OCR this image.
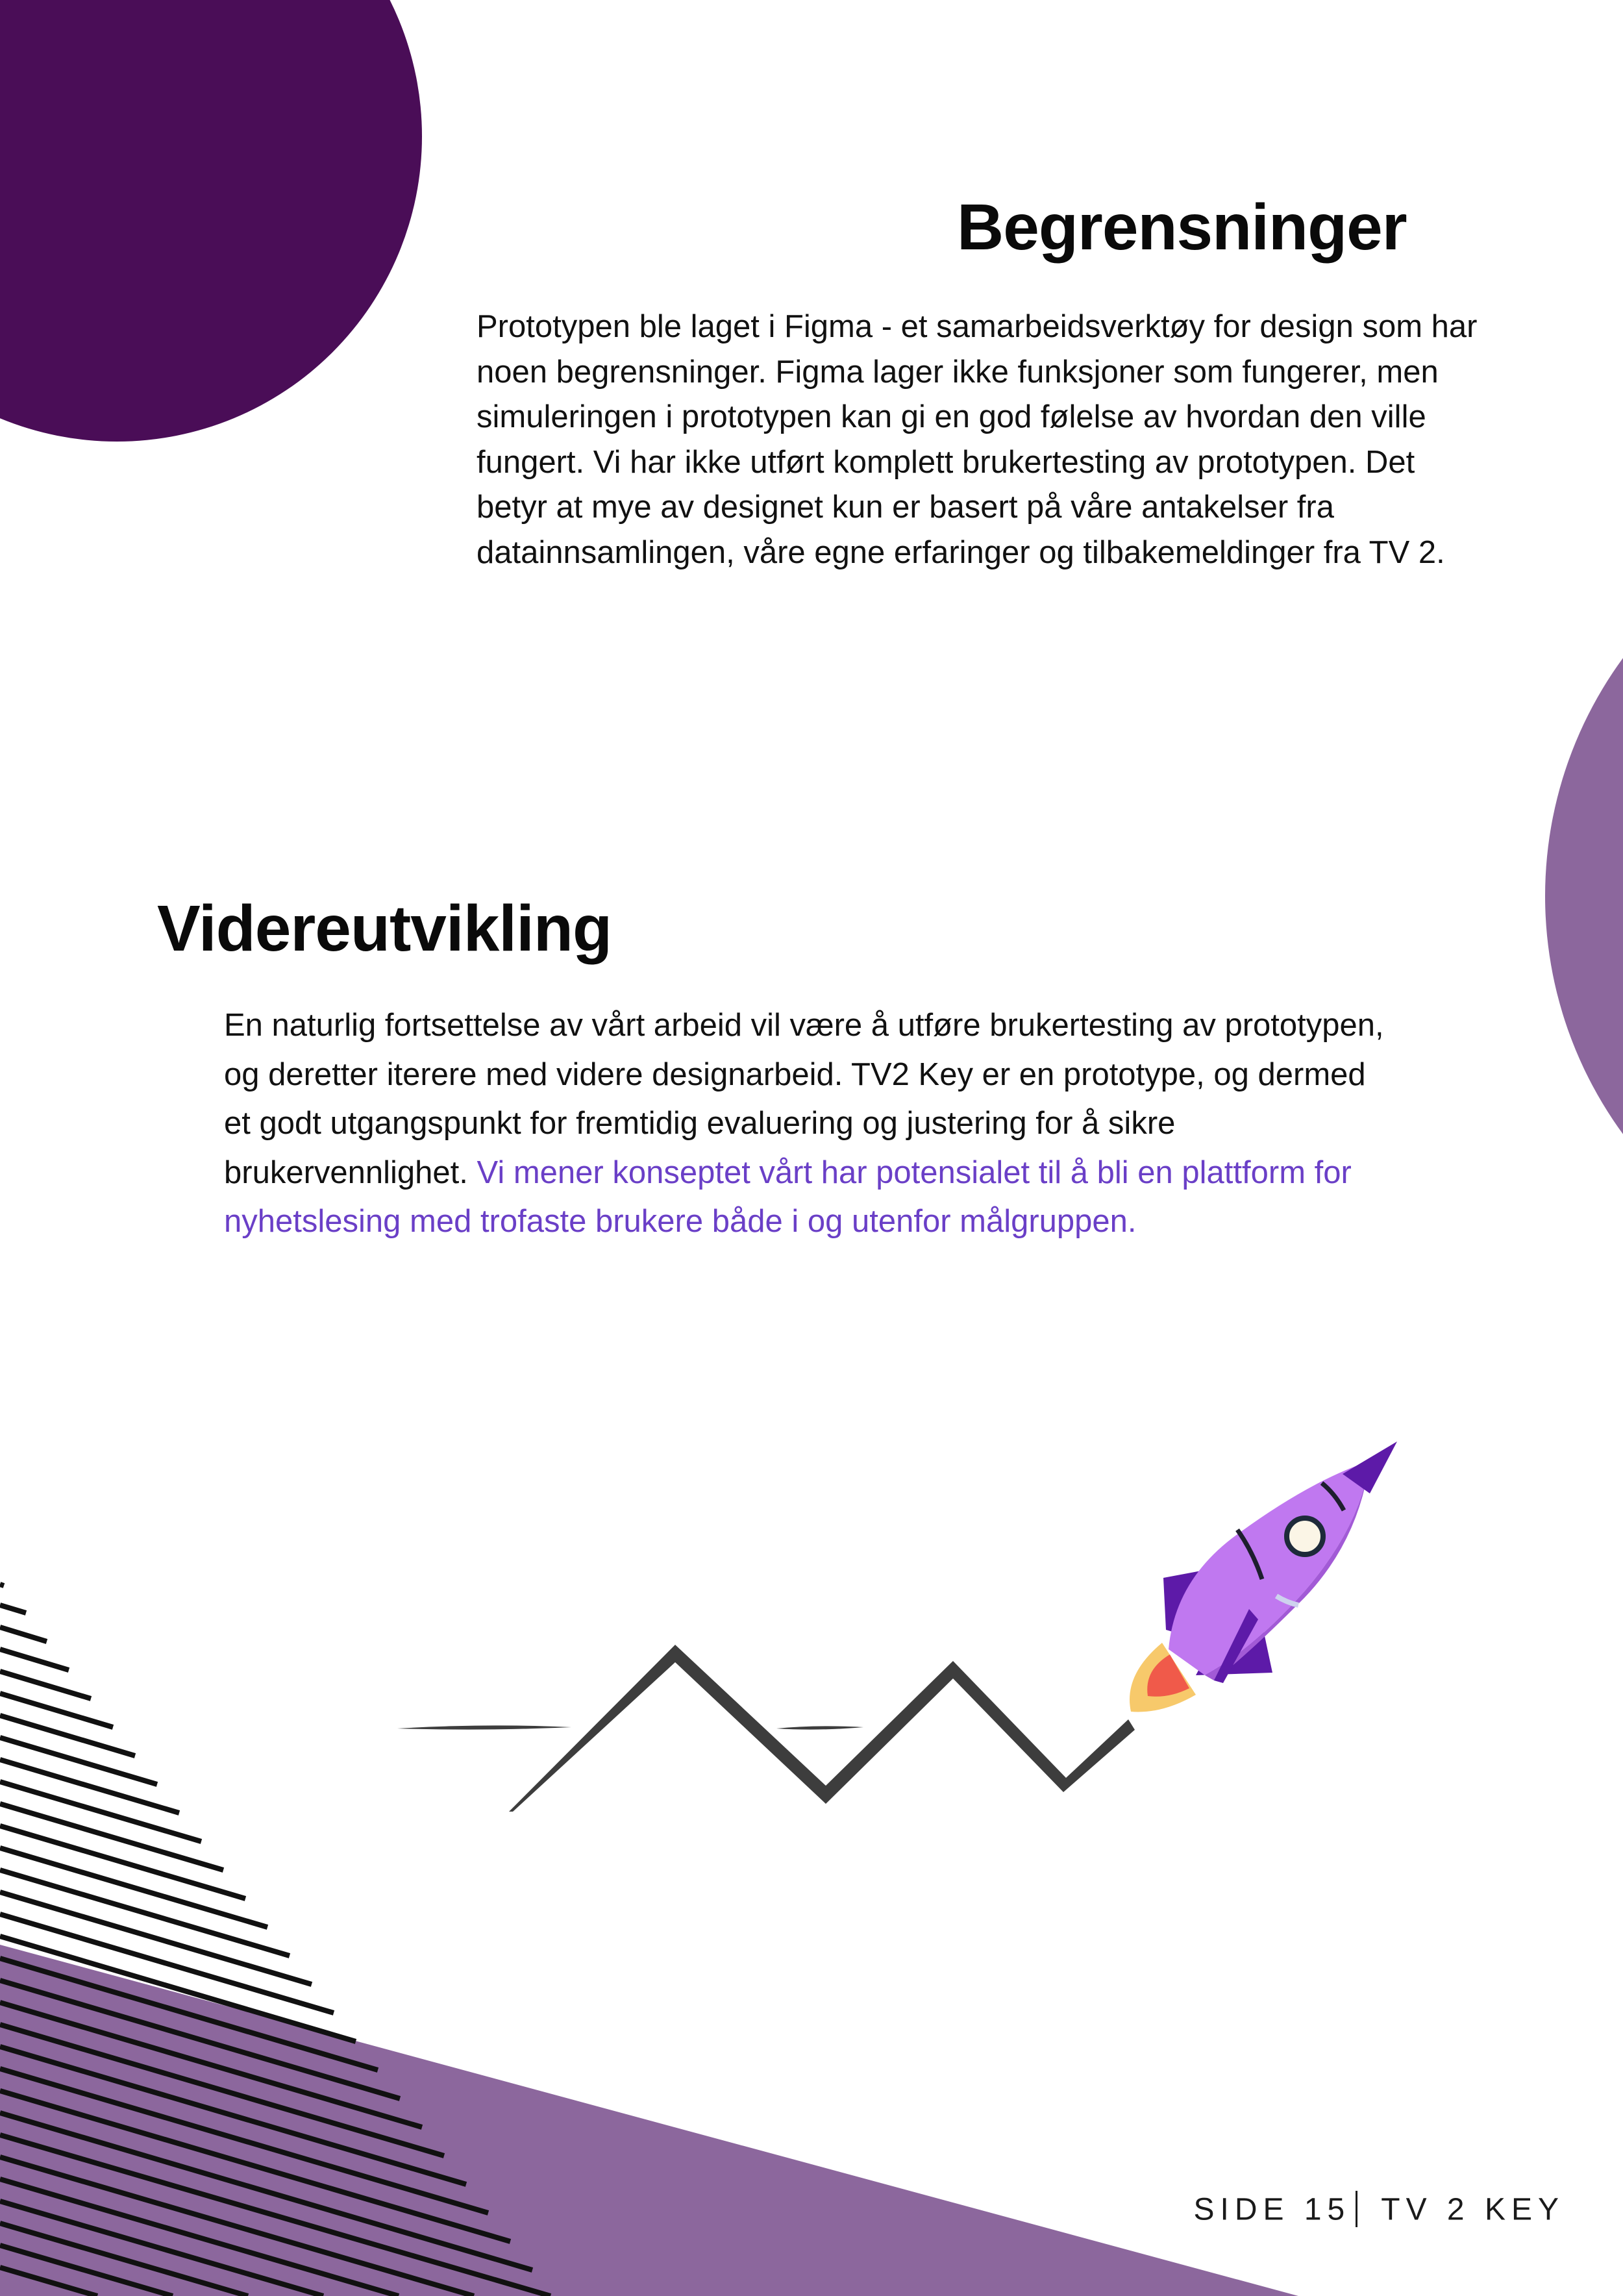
Begrensninger

Prototypen ble laget i Figma - et samarbeidsverktøy for design som har noen begrensninger. Figma lager ikke funksjoner som fungerer, men simuleringen i prototypen kan gi en god følelse av hvordan den ville fungert. Vi har ikke utført komplett brukertesting av prototypen. Det betyr at mye av designet kun er basert på våre antakelser fra datainnsamlingen, våre egne erfaringer og tilbakemeldinger fra TV 2.

Videreutvikling

En naturlig fortsettelse av vårt arbeid vil være å utføre brukertesting av prototypen, og deretter iterere med videre designarbeid. TV2 Key er en prototype, og dermed et godt utgangspunkt for fremtidig evaluering og justering for å sikre brukervennlighet. Vi mener konseptet vårt har potensialet til å bli en plattform for nyhetslesing med trofaste brukere både i og utenfor målgruppen.

SIDE 15 TV 2 KEY
